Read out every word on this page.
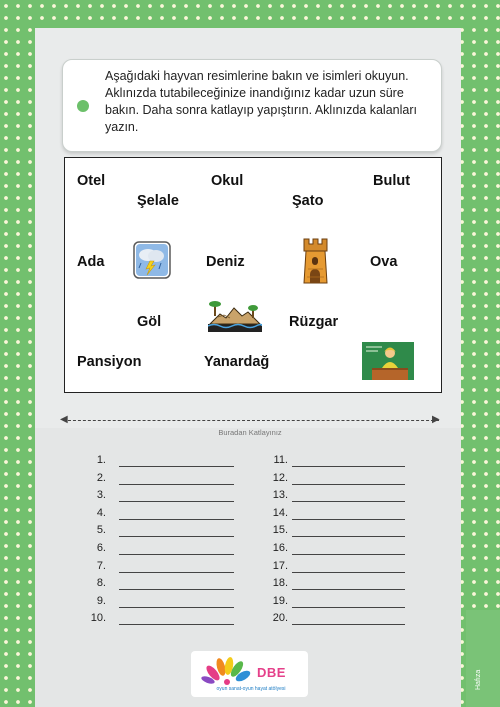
Aşağıdaki hayvan resimlerine bakın ve isimleri okuyun. Aklınızda tutabileceğinize inandığınız kadar uzun süre bakın. Daha sonra katlayıp yapıştırın. Aklınızda kalanları yazın.
Otel	Okul	Bulut
Şelale	Şato
Ada	Deniz	Ova
Göl	Rüzgar
Pansiyon	Yanardağ
◀	▶
Buradan Katlayınız
1.
2.
3.
4.
5.
6.
7.
8.
9.
10.
11.
12.
13.
14.
15.
16.
17.
18.
19.
20.
Hafıza
DBE
oyun sanat-oyun hayat atölyesi
